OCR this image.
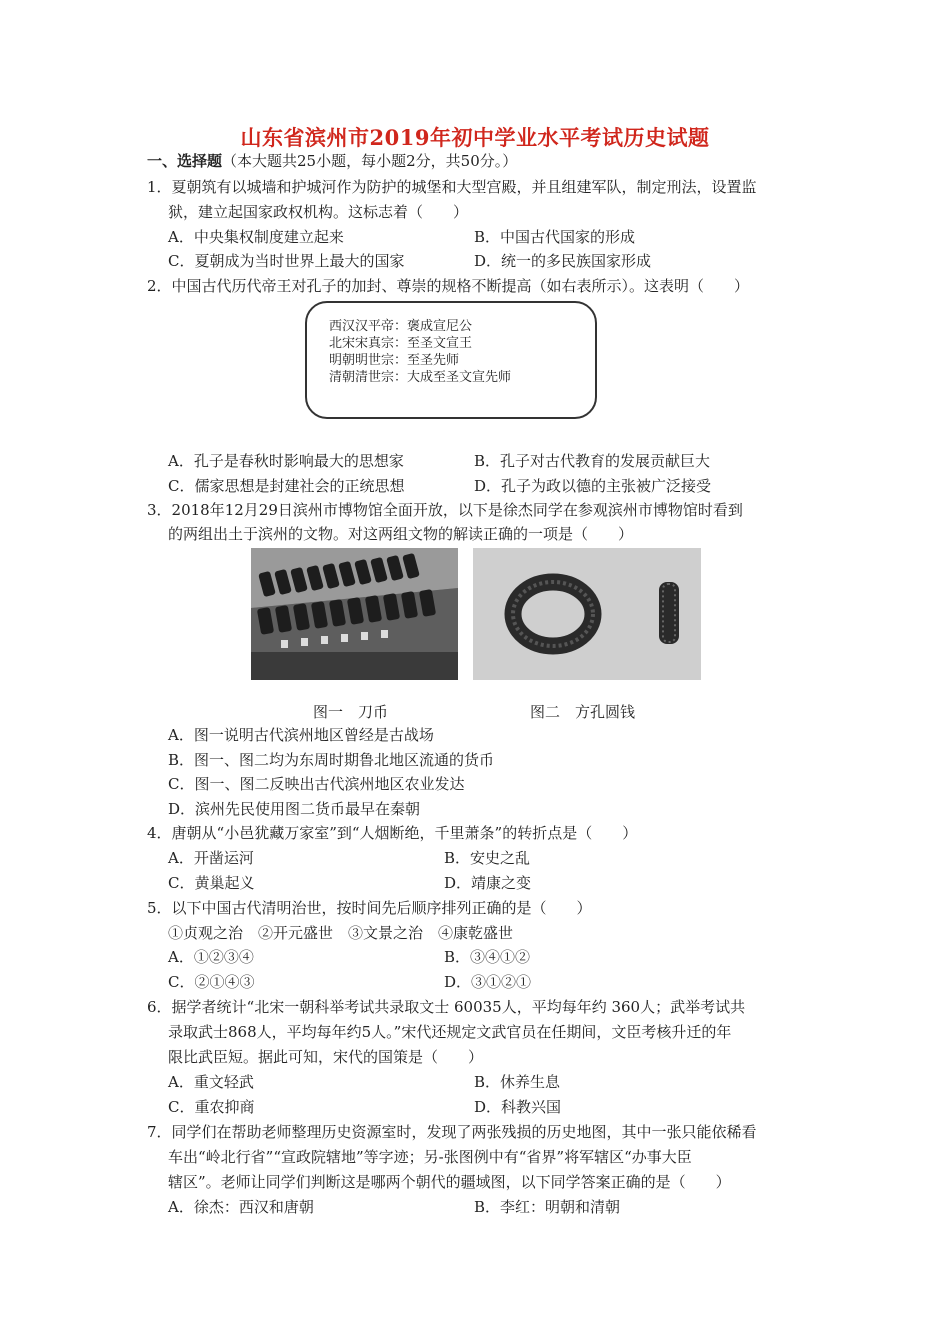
山东省滨州市2019年初中学业水平考试历史试题
一、选择题（本大题共25小题，每小题2分，共50分。）
1．夏朝筑有以城墙和护城河作为防护的城堡和大型宫殿，并且组建军队，制定刑法，设置监
狱，建立起国家政权机构。这标志着（　　）
A．中央集权制度建立起来	B．中国古代国家的形成
C．夏朝成为当时世界上最大的国家	D．统一的多民族国家形成
2．中国古代历代帝王对孔子的加封、尊崇的规格不断提高（如右表所示）。这表明（　　）
西汉汉平帝：褒成宣尼公
北宋宋真宗：至圣文宣王
明朝明世宗：至圣先师
清朝清世宗：大成至圣文宣先师
A．孔子是春秋时影响最大的思想家	B．孔子对古代教育的发展贡献巨大
C．儒家思想是封建社会的正统思想	D．孔子为政以德的主张被广泛接受
3．2018年12月29日滨州市博物馆全面开放，以下是徐杰同学在参观滨州市博物馆时看到
的两组出土于滨州的文物。对这两组文物的解读正确的一项是（　　）
图一　刀币	图二　方孔圆钱
A．图一说明古代滨州地区曾经是古战场
B．图一、图二均为东周时期鲁北地区流通的货币
C．图一、图二反映出古代滨州地区农业发达
D．滨州先民使用图二货币最早在秦朝
4．唐朝从“小邑犹藏万家室”到“人烟断绝，千里萧条”的转折点是（　　）
A．开凿运河	B．安史之乱
C．黄巢起义	D．靖康之变
5．以下中国古代清明治世，按时间先后顺序排列正确的是（　　）
①贞观之治　②开元盛世　③文景之治　④康乾盛世
A．①②③④	B．③④①②
C．②①④③	D．③①②①
6．据学者统计“北宋一朝科举考试共录取文士 60035人，平均每年约 360人；武举考试共
录取武士868人，平均每年约5人。”宋代还规定文武官员在任期间，文臣考核升迁的年
限比武臣短。据此可知，宋代的国策是（　　）
A．重文轻武	B．休养生息
C．重农抑商	D．科教兴国
7．同学们在帮助老师整理历史资源室时，发现了两张残损的历史地图，其中一张只能依稀看
车出“岭北行省”“宣政院辖地”等字迹；另-张图例中有“省界”将军辖区“办事大臣
辖区”。老师让同学们判断这是哪两个朝代的疆域图，以下同学答案正确的是（　　）
A．徐杰：西汉和唐朝	B．李红：明朝和清朝
